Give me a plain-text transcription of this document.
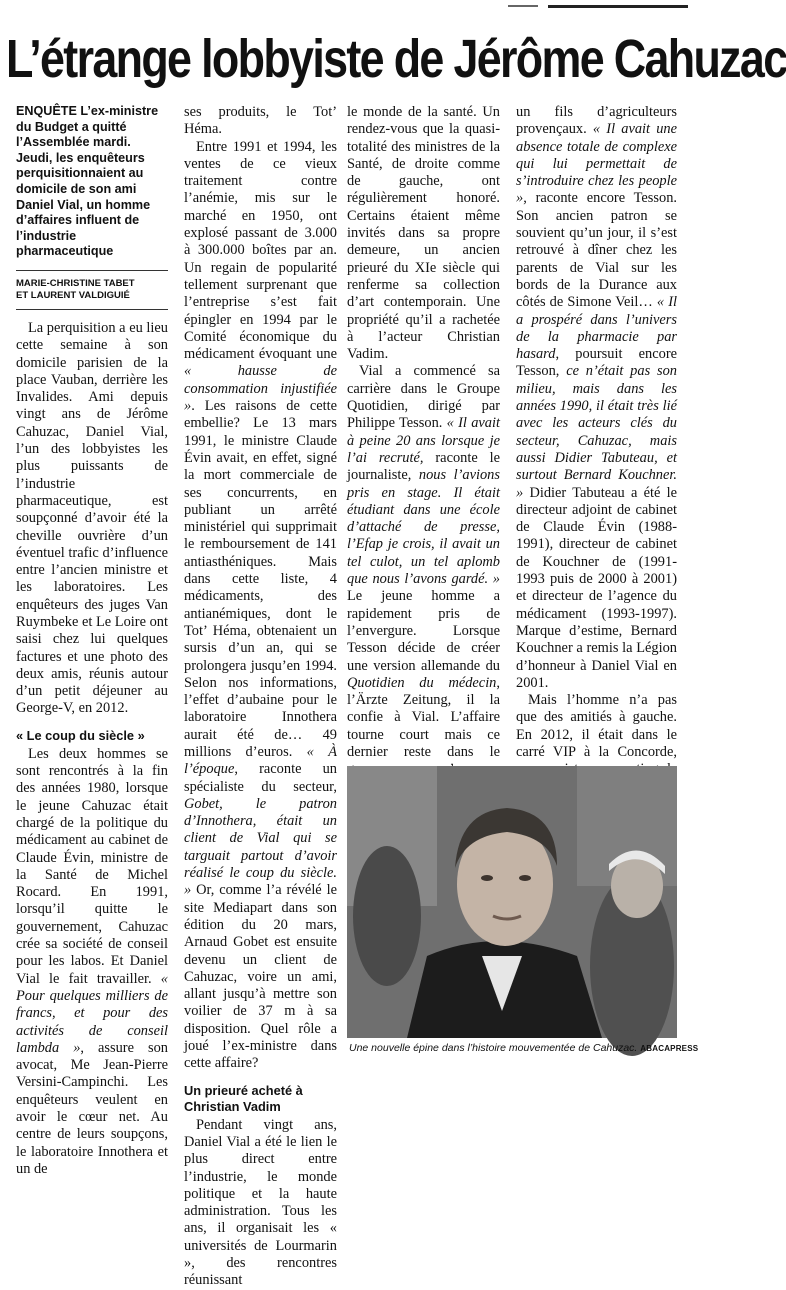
L’étrange lobbyiste de Jérôme Cahuzac
ENQUÊTE L’ex-ministre du Budget a quitté l’Assemblée mardi. Jeudi, les enquêteurs perquisitionnaient au domicile de son ami Daniel Vial, un homme d’affaires influent de l’industrie pharmaceutique
MARIE-CHRISTINE TABET
ET LAURENT VALDIGUIÉ

La perquisition a eu lieu cette semaine à son domicile parisien de la place Vauban, derrière les Invalides. Ami depuis vingt ans de Jérôme Cahuzac, Daniel Vial, l’un des lobbyistes les plus puissants de l’industrie pharmaceutique, est soupçonné d’avoir été la cheville ouvrière d’un éventuel trafic d’influence entre l’ancien ministre et les laboratoires. Les enquêteurs des juges Van Ruymbeke et Le Loire ont saisi chez lui quelques factures et une photo des deux amis, réunis autour d’un petit déjeuner au George-V, en 2012.

« Le coup du siècle »

Les deux hommes se sont rencontrés à la fin des années 1980, lorsque le jeune Cahuzac était chargé de la politique du médicament au cabinet de Claude Évin, ministre de la Santé de Michel Rocard. En 1991, lorsqu’il quitte le gouvernement, Cahuzac crée sa société de conseil pour les labos. Et Daniel Vial le fait travailler. « Pour quelques milliers de francs, et pour des activités de conseil lambda », assure son avocat, Me Jean-Pierre Versini-Campinchi. Les enquêteurs veulent en avoir le cœur net. Au centre de leurs soupçons, le laboratoire Innothera et un de

ses produits, le Tot’ Héma.

Entre 1991 et 1994, les ventes de ce vieux traitement contre l’anémie, mis sur le marché en 1950, ont explosé passant de 3.000 à 300.000 boîtes par an. Un regain de popularité tellement surprenant que l’entreprise s’est fait épingler en 1994 par le Comité économique du médicament évoquant une « hausse de consommation injustifiée ». Les raisons de cette embellie? Le 13 mars 1991, le ministre Claude Évin avait, en effet, signé la mort commerciale de ses concurrents, en publiant un arrêté ministériel qui supprimait le remboursement de 141 antiasthéniques. Mais dans cette liste, 4 médicaments, des antianémiques, dont le Tot’ Héma, obtenaient un sursis d’un an, qui se prolongera jusqu’en 1994. Selon nos informations, l’effet d’aubaine pour le laboratoire Innothera aurait été de… 49 millions d’euros. « À l’époque, raconte un spécialiste du secteur, Gobet, le patron d’Innothera, était un client de Vial qui se targuait partout d’avoir réalisé le coup du siècle. » Or, comme l’a révélé le site Mediapart dans son édition du 20 mars, Arnaud Gobet est ensuite devenu un client de Cahuzac, voire un ami, allant jusqu’à mettre son voilier de 37 m à sa disposition. Quel rôle a joué l’ex-ministre dans cette affaire?

Un prieuré acheté à Christian Vadim

Pendant vingt ans, Daniel Vial a été le lien le plus direct entre l’industrie, le monde politique et la haute administration. Tous les ans, il organisait les « universités de Lourmarin », des rencontres réunissant

le monde de la santé. Un rendez-vous que la quasi-totalité des ministres de la Santé, de droite comme de gauche, ont régulièrement honoré. Certains étaient même invités dans sa propre demeure, un ancien prieuré du XIe siècle qui renferme sa collection d’art contemporain. Une propriété qu’il a rachetée à l’acteur Christian Vadim.

Vial a commencé sa carrière dans le Groupe Quotidien, dirigé par Philippe Tesson. « Il avait à peine 20 ans lorsque je l’ai recruté, raconte le journaliste, nous l’avions pris en stage. Il était étudiant dans une école d’attaché de presse, l’Efap je crois, il avait un tel culot, un tel aplomb que nous l’avons gardé. » Le jeune homme a rapidement pris de l’envergure. Lorsque Tesson décide de créer une version allemande du Quotidien du médecin, l’Ärzte Zeitung, il la confie à Vial. L’affaire tourne court mais ce dernier reste dans le

un fils d’agriculteurs provençaux. « Il avait une absence totale de complexe qui lui permettait de s’introduire chez les people », raconte encore Tesson. Son ancien patron se souvient qu’un jour, il s’est retrouvé à dîner chez les parents de Vial sur les bords de la Durance aux côtés de Simone Veil… « Il a prospéré dans l’univers de la pharmacie par hasard, poursuit encore Tesson, ce n’était pas son milieu, mais dans les années 1990, il était très lié avec les acteurs clés du secteur, Cahuzac, mais aussi Didier Tabuteau, et surtout Bernard Kouchner. » Didier Tabuteau a été le directeur adjoint de cabinet de Claude Évin (1988-1991), directeur de cabinet de Kouchner de (1991-1993 puis de 2000 à 2001) et directeur de l’agence du médicament (1993-1997). Marque d’estime, Bernard Kouchner a remis la Légion d’honneur à Daniel Vial en 2001.

Mais l’homme n’a pas que des amitiés à gauche. En 2012, il était dans le carré VIP à la Concorde,

Une nouvelle épine dans l’histoire mouvementée de Cahuzac. ABACAPRESS
